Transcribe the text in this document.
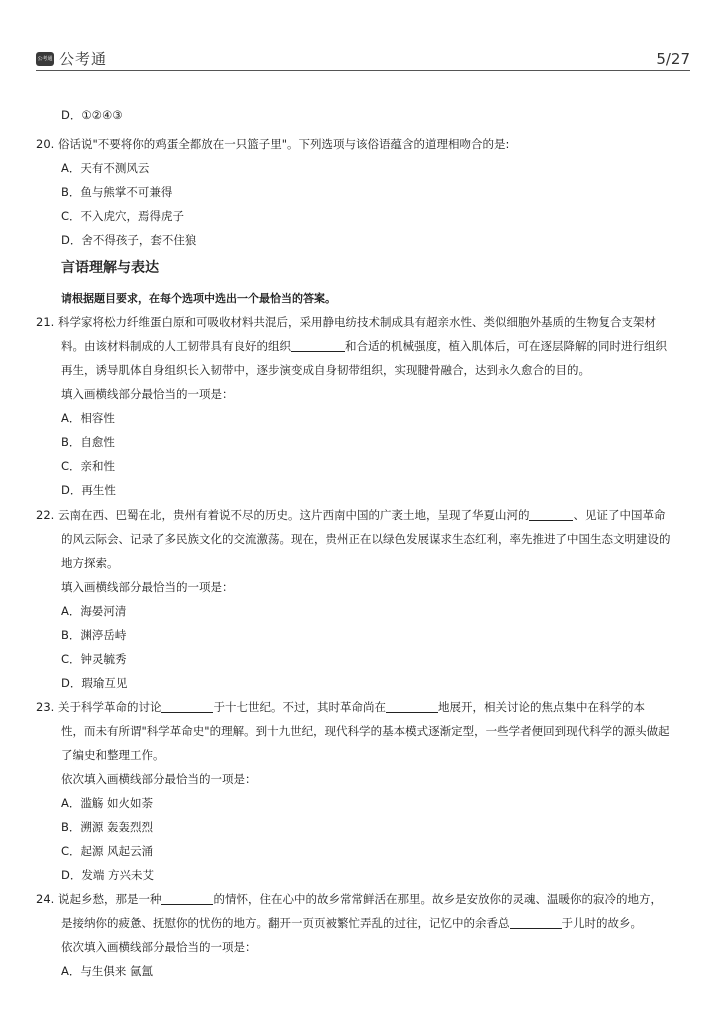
公考通 公考通	5/27
D．①②④③
20. 俗话说"不要将你的鸡蛋全都放在一只篮子里"。下列选项与该俗语蕴含的道理相吻合的是:
A．天有不测风云
B．鱼与熊掌不可兼得
C．不入虎穴，焉得虎子
D．舍不得孩子，套不住狼
言语理解与表达
请根据题目要求，在每个选项中选出一个最恰当的答案。
21. 科学家将松力纤维蛋白原和可吸收材料共混后，采用静电纺技术制成具有超亲水性、类似细胞外基质的生物复合支架材
料。由该材料制成的人工韧带具有良好的组织	和合适的机械强度，植入肌体后，可在逐层降解的同时进行组织
再生，诱导肌体自身组织长入韧带中，逐步演变成自身韧带组织，实现腱骨融合，达到永久愈合的目的。
填入画横线部分最恰当的一项是：
A．相容性
B．自愈性
C．亲和性
D．再生性
22. 云南在西、巴蜀在北，贵州有着说不尽的历史。这片西南中国的广袤土地，呈现了华夏山河的	、见证了中国革命
的风云际会、记录了多民族文化的交流激荡。现在，贵州正在以绿色发展谋求生态红利，率先推进了中国生态文明建设的
地方探索。
填入画横线部分最恰当的一项是：
A．海晏河清
B．渊渟岳峙
C．钟灵毓秀
D．瑕瑜互见
23. 关于科学革命的讨论	于十七世纪。不过，其时革命尚在	地展开，相关讨论的焦点集中在科学的本
性，而未有所谓"科学革命史"的理解。到十九世纪，现代科学的基本模式逐渐定型，一些学者便回到现代科学的源头做起
了编史和整理工作。
依次填入画横线部分最恰当的一项是：
A．滥觞 如火如荼
B．溯源 轰轰烈烈
C．起源 风起云涌
D．发端 方兴未艾
24. 说起乡愁，那是一种	的情怀，住在心中的故乡常常鲜活在那里。故乡是安放你的灵魂、温暖你的寂冷的地方，
是接纳你的疲惫、抚慰你的忧伤的地方。翻开一页页被繁忙弄乱的过往，记忆中的余香总	于儿时的故乡。
依次填入画横线部分最恰当的一项是：
A．与生俱来 氤氲
